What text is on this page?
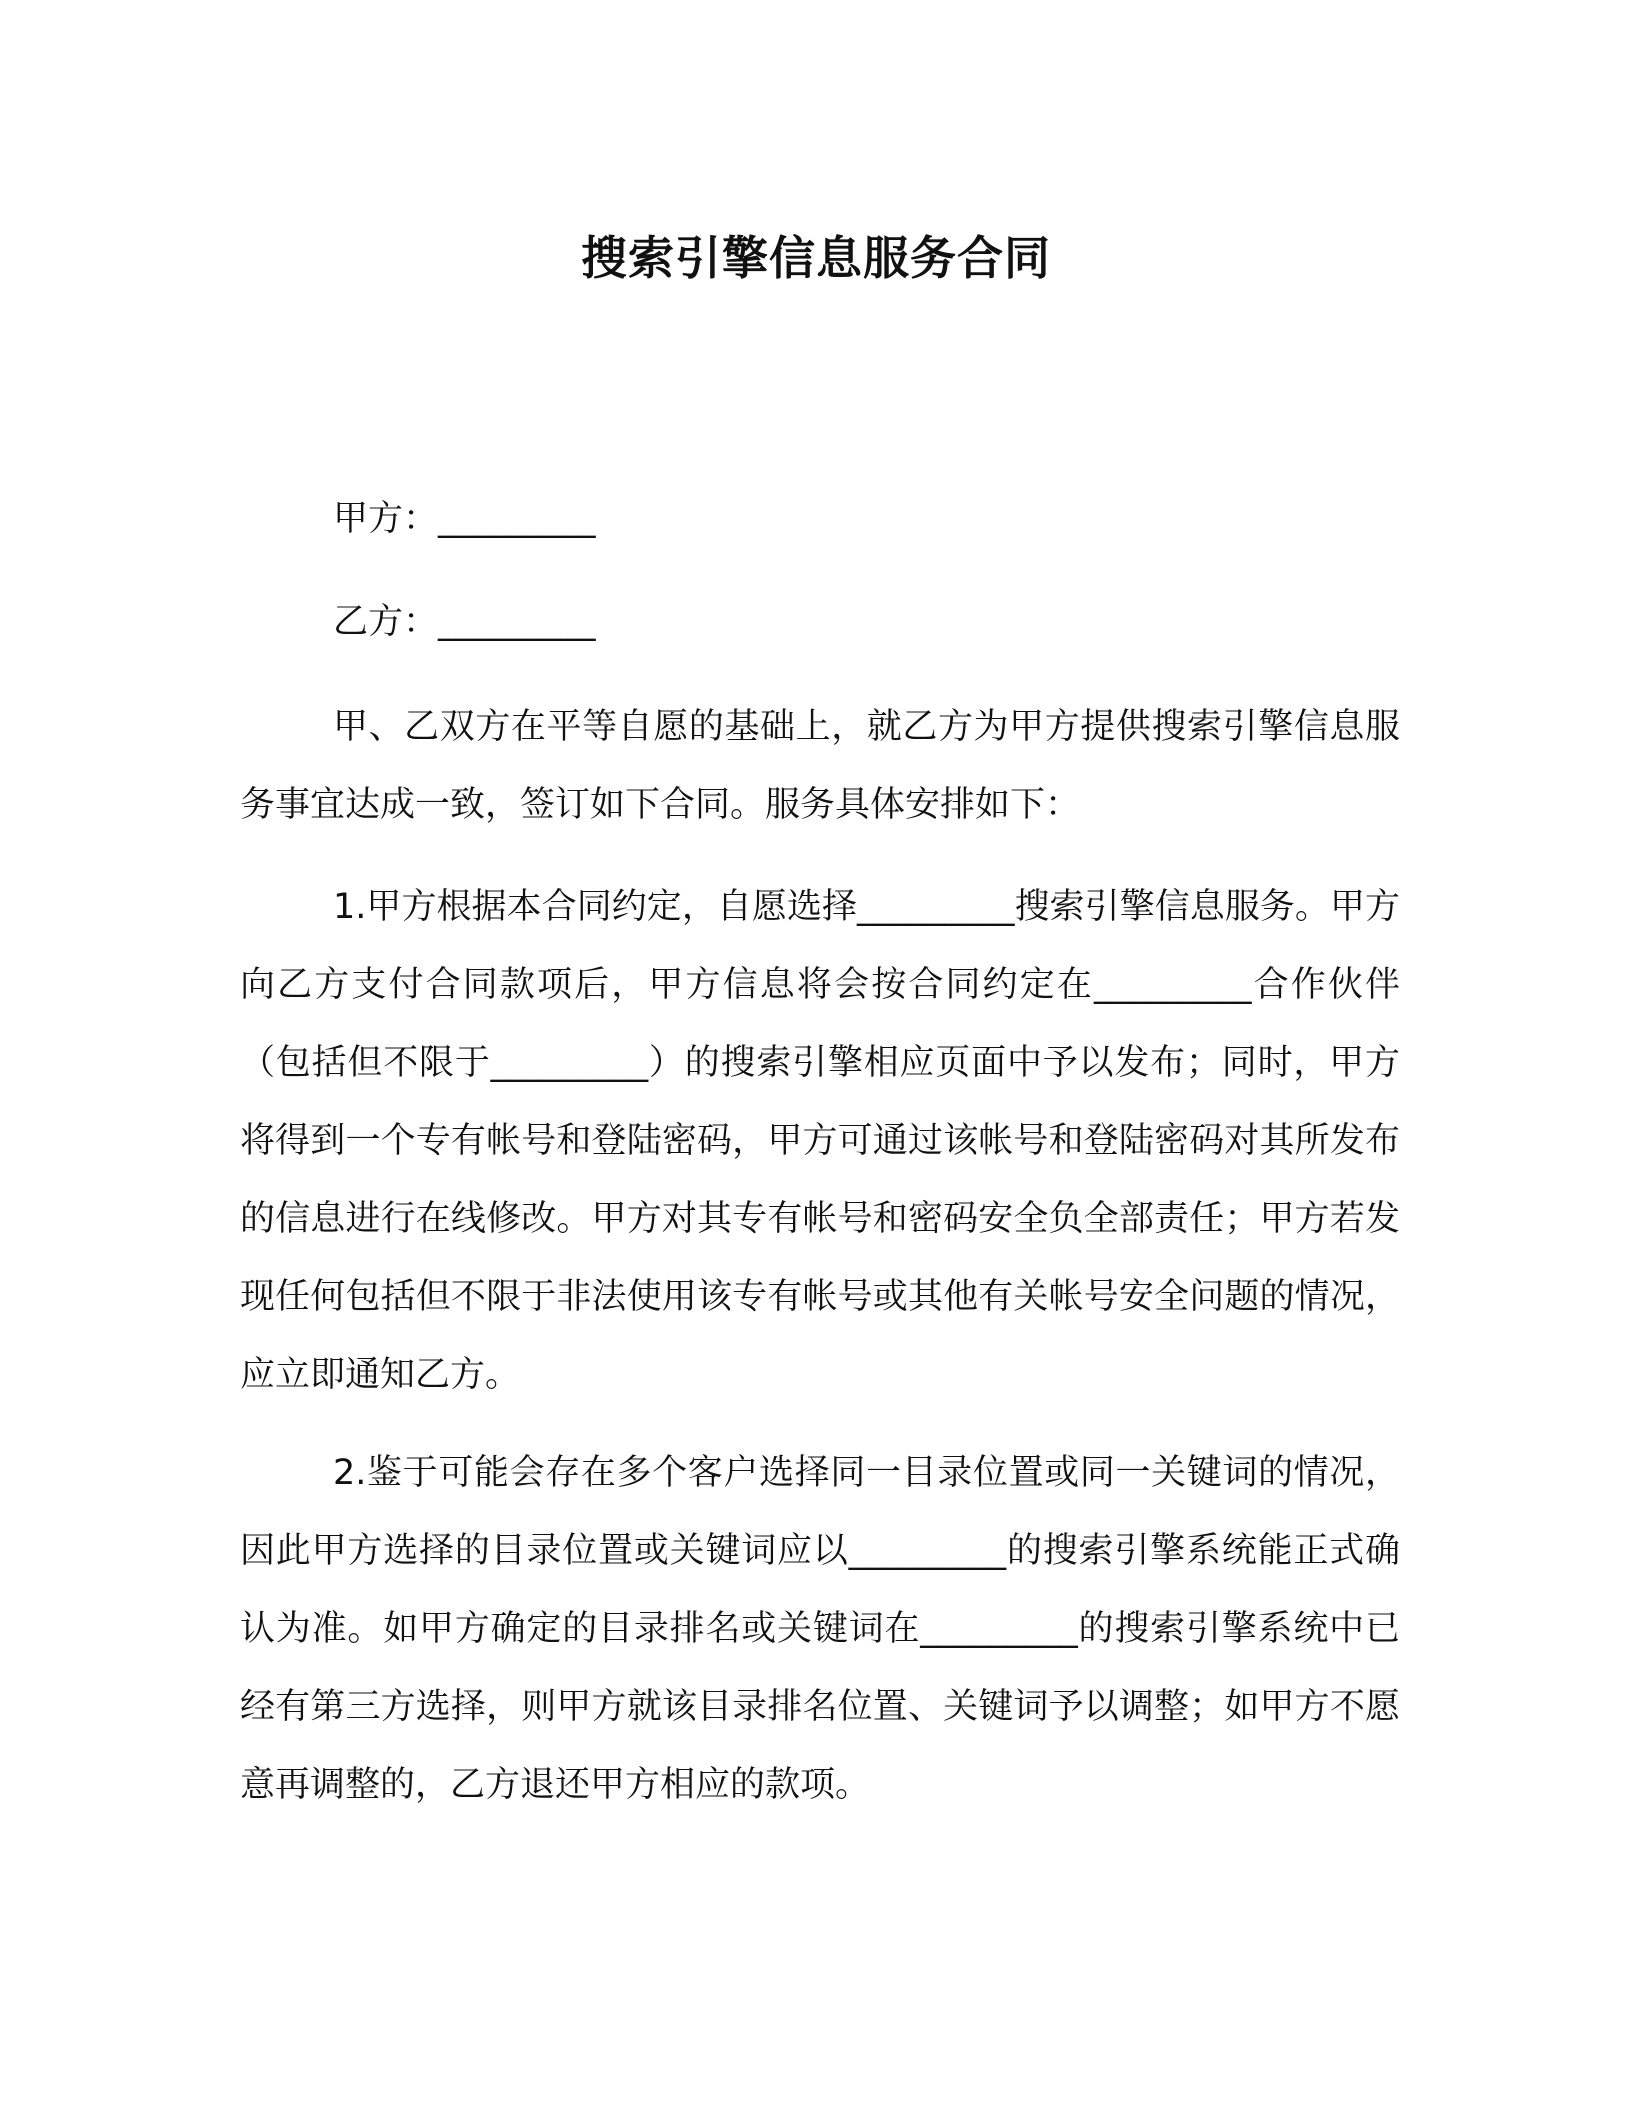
搜索引擎信息服务合同

甲方：_________

乙方：_________

甲、乙双方在平等自愿的基础上，就乙方为甲方提供搜索引擎信息服务事宜达成一致，签订如下合同。服务具体安排如下：

1.甲方根据本合同约定，自愿选择_________搜索引擎信息服务。甲方向乙方支付合同款项后，甲方信息将会按合同约定在_________合作伙伴（包括但不限于_________）的搜索引擎相应页面中予以发布；同时，甲方将得到一个专有帐号和登陆密码，甲方可通过该帐号和登陆密码对其所发布的信息进行在线修改。甲方对其专有帐号和密码安全负全部责任；甲方若发现任何包括但不限于非法使用该专有帐号或其他有关帐号安全问题的情况，应立即通知乙方。

2.鉴于可能会存在多个客户选择同一目录位置或同一关键词的情况，因此甲方选择的目录位置或关键词应以_________的搜索引擎系统能正式确认为准。如甲方确定的目录排名或关键词在_________的搜索引擎系统中已经有第三方选择，则甲方就该目录排名位置、关键词予以调整；如甲方不愿意再调整的，乙方退还甲方相应的款项。
